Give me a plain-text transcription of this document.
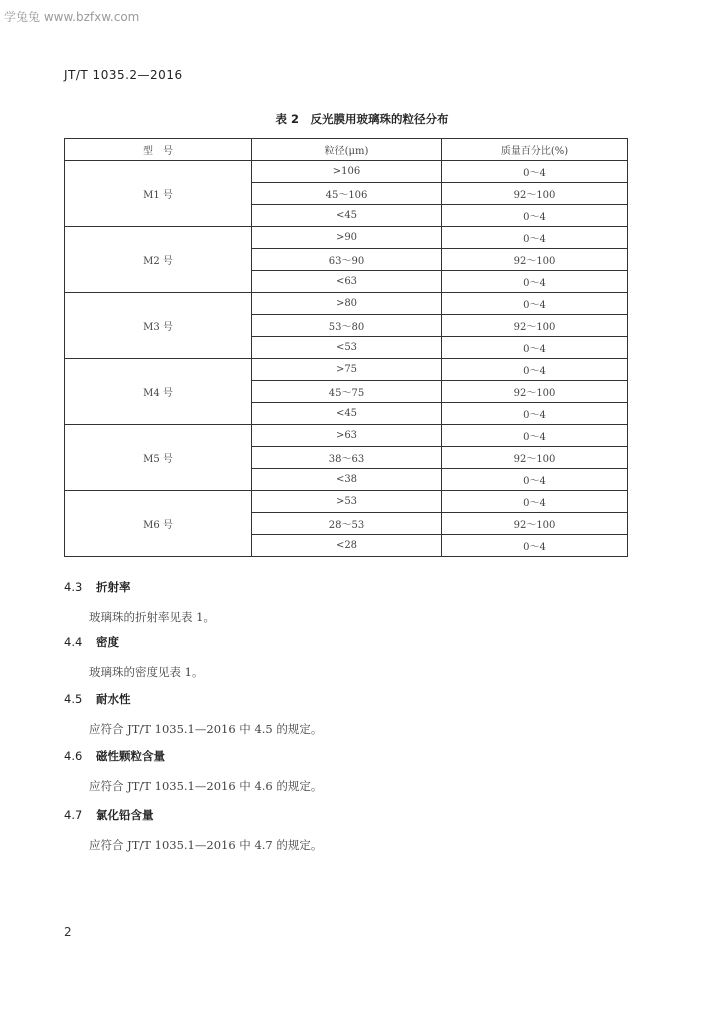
学兔兔 www.bzfxw.com
JT/T 1035.2—2016
表 2　反光膜用玻璃珠的粒径分布
型　号	粒径(μm)	质量百分比(%)
M1 号	>106	0～4
	45～106	92～100
	<45	0～4
M2 号	>90	0～4
	63～90	92～100
	<63	0～4
M3 号	>80	0～4
	53～80	92～100
	<53	0～4
M4 号	>75	0～4
	45～75	92～100
	<45	0～4
M5 号	>63	0～4
	38～63	92～100
	<38	0～4
M6 号	>53	0～4
	28～53	92～100
	<28	0～4
4.3 折射率
玻璃珠的折射率见表 1。
4.4 密度
玻璃珠的密度见表 1。
4.5 耐水性
应符合 JT/T 1035.1—2016 中 4.5 的规定。
4.6 磁性颗粒含量
应符合 JT/T 1035.1—2016 中 4.6 的规定。
4.7 氯化铅含量
应符合 JT/T 1035.1—2016 中 4.7 的规定。
2
